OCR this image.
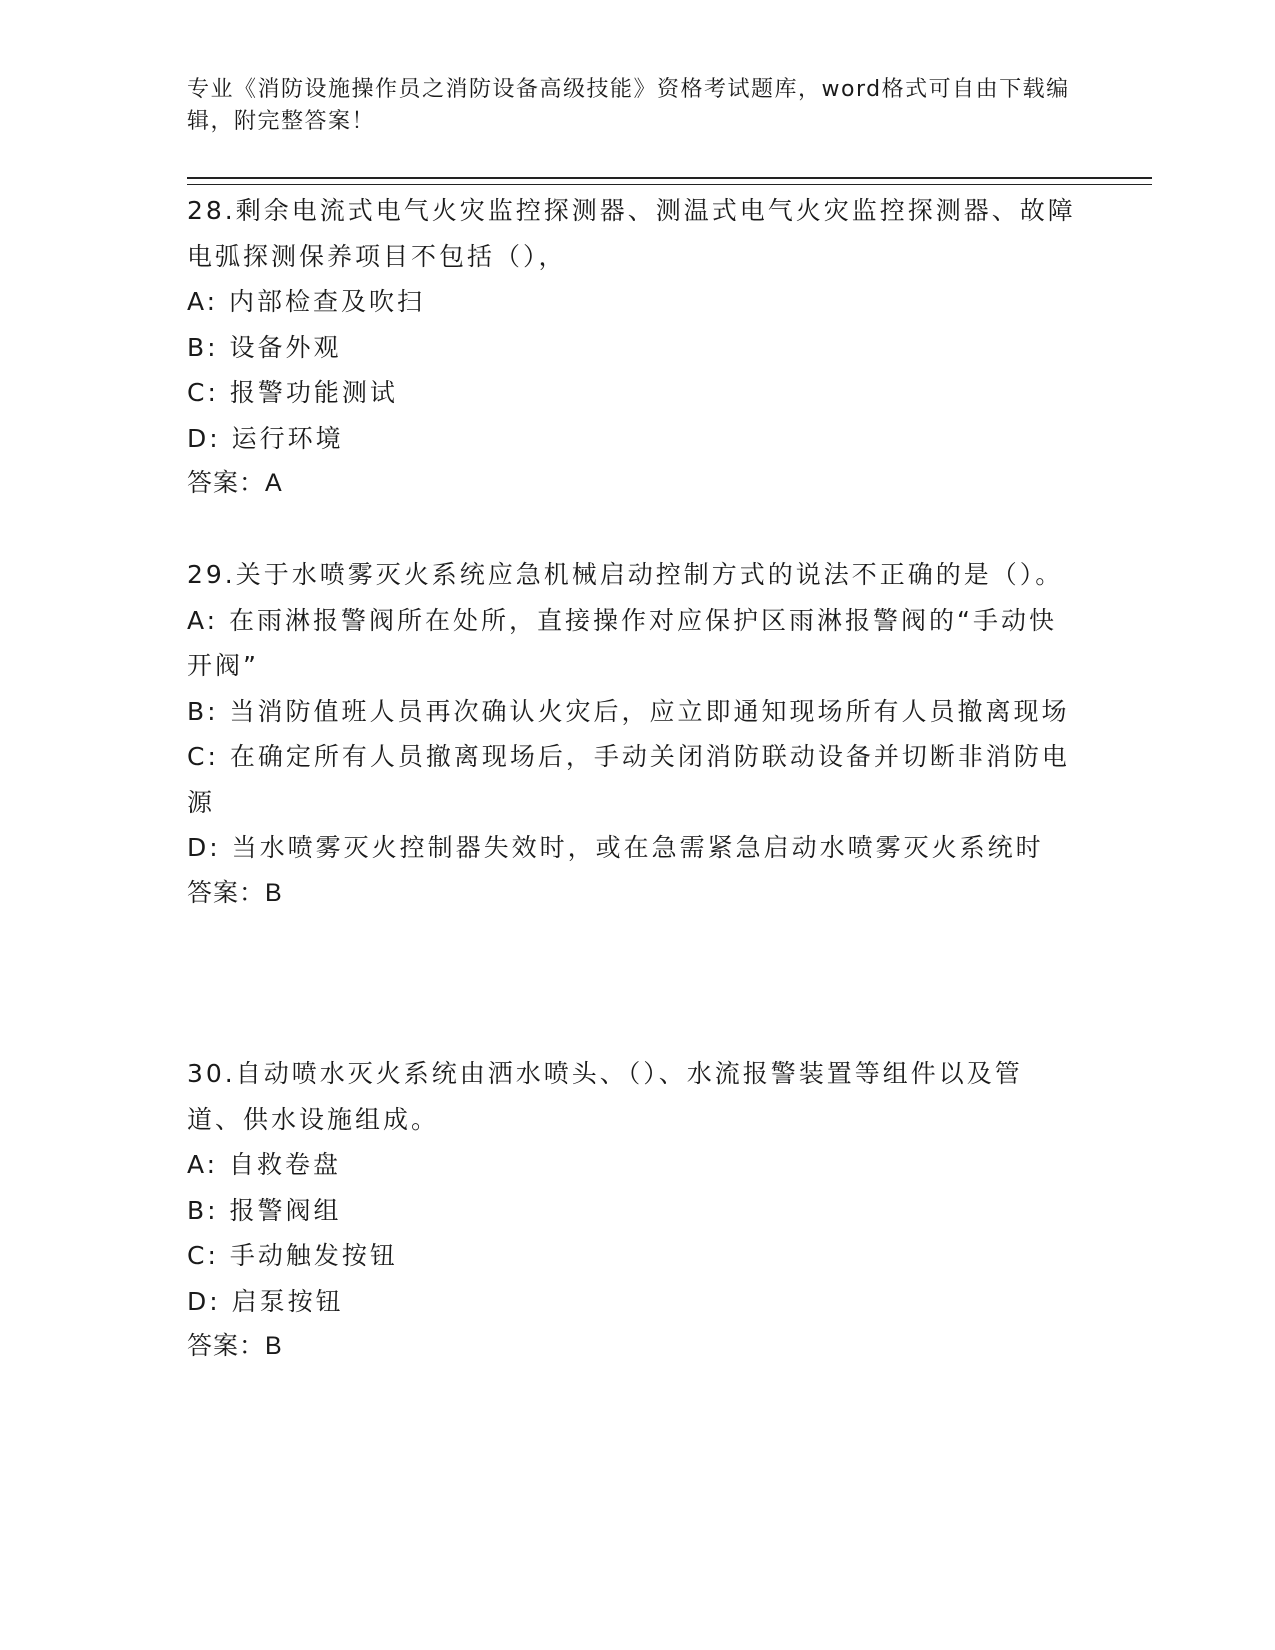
专业《消防设施操作员之消防设备高级技能》资格考试题库，word格式可自由下载编辑，附完整答案！

28.剩余电流式电气火灾监控探测器、测温式电气火灾监控探测器、故障电弧探测保养项目不包括（），

A: 内部检查及吹扫

B: 设备外观

C: 报警功能测试

D: 运行环境

答案：A

29.关于水喷雾灭火系统应急机械启动控制方式的说法不正确的是（）。

A: 在雨淋报警阀所在处所，直接操作对应保护区雨淋报警阀的“手动快开阀”

B: 当消防值班人员再次确认火灾后，应立即通知现场所有人员撤离现场

C: 在确定所有人员撤离现场后，手动关闭消防联动设备并切断非消防电源

D: 当水喷雾灭火控制器失效时，或在急需紧急启动水喷雾灭火系统时

答案：B

30.自动喷水灭火系统由洒水喷头、（）、水流报警装置等组件以及管道、供水设施组成。

A: 自救卷盘

B: 报警阀组

C: 手动触发按钮

D: 启泵按钮

答案：B
